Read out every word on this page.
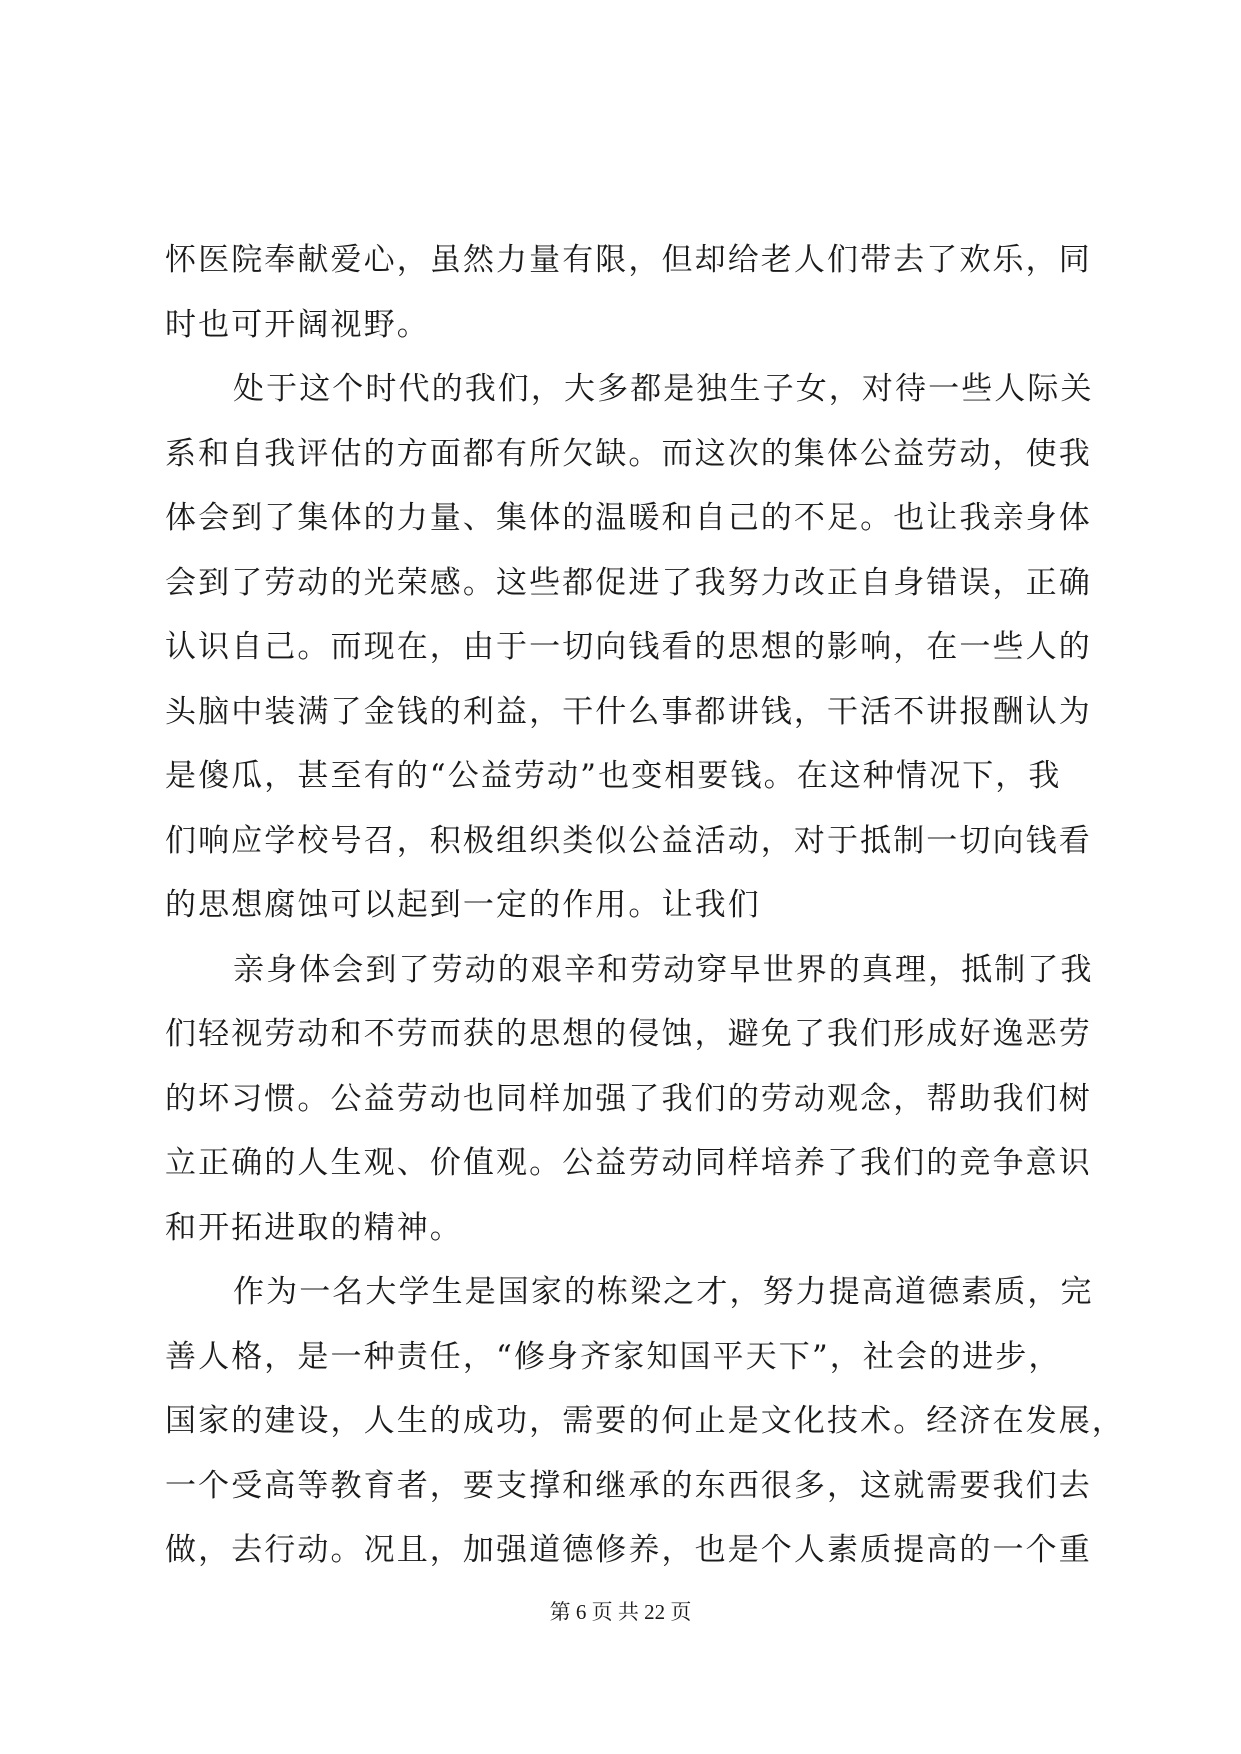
怀医院奉献爱心，虽然力量有限，但却给老人们带去了欢乐，同
时也可开阔视野。
处于这个时代的我们，大多都是独生子女，对待一些人际关
系和自我评估的方面都有所欠缺。而这次的集体公益劳动，使我
体会到了集体的力量、集体的温暖和自己的不足。也让我亲身体
会到了劳动的光荣感。这些都促进了我努力改正自身错误，正确
认识自己。而现在，由于一切向钱看的思想的影响，在一些人的
头脑中装满了金钱的利益，干什么事都讲钱，干活不讲报酬认为
是傻瓜，甚至有的“公益劳动”也变相要钱。在这种情况下，我
们响应学校号召，积极组织类似公益活动，对于抵制一切向钱看
的思想腐蚀可以起到一定的作用。让我们
亲身体会到了劳动的艰辛和劳动穿早世界的真理，抵制了我
们轻视劳动和不劳而获的思想的侵蚀，避免了我们形成好逸恶劳
的坏习惯。公益劳动也同样加强了我们的劳动观念，帮助我们树
立正确的人生观、价值观。公益劳动同样培养了我们的竞争意识
和开拓进取的精神。
作为一名大学生是国家的栋梁之才，努力提高道德素质，完
善人格，是一种责任，“修身齐家知国平天下”，社会的进步，
国家的建设，人生的成功，需要的何止是文化技术。经济在发展，
一个受高等教育者，要支撑和继承的东西很多，这就需要我们去
做，去行动。况且，加强道德修养，也是个人素质提高的一个重
第 6 页 共 22 页
